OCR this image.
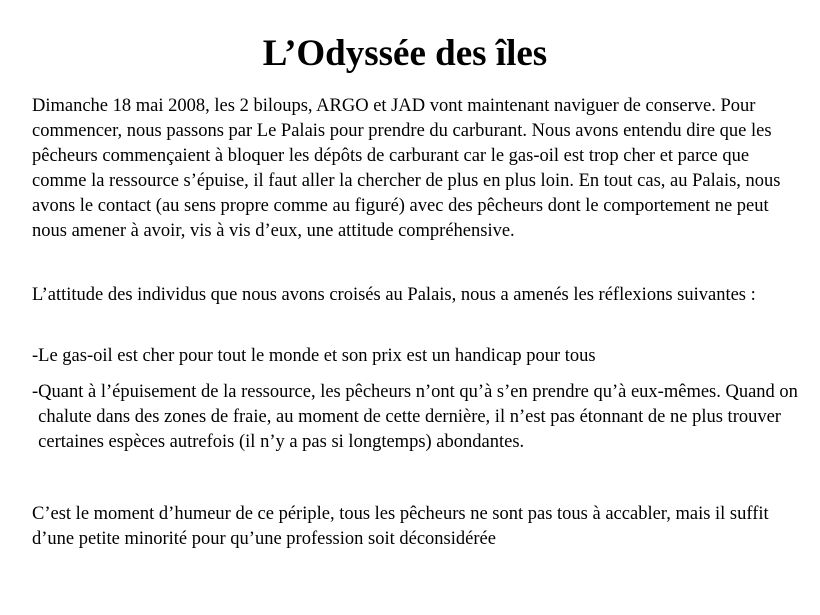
L’Odyssée des îles

Dimanche 18 mai 2008, les 2 biloups, ARGO et JAD vont maintenant naviguer de conserve. Pour commencer, nous passons par Le Palais pour prendre du carburant. Nous avons entendu dire que les pêcheurs commençaient à bloquer les dépôts de carburant car le gas-oil est trop cher et parce que comme la ressource s’épuise, il faut aller la chercher de plus en plus loin. En tout cas, au Palais, nous avons le contact (au sens propre comme au figuré) avec des pêcheurs dont le comportement ne peut nous amener à avoir, vis à vis d’eux, une attitude compréhensive.

L’attitude des individus que nous avons croisés au Palais, nous a amenés les réflexions suivantes :

- Le gas-oil est cher pour tout le monde et son prix est un handicap pour tous
- Quant à l’épuisement de la ressource, les pêcheurs n’ont qu’à s’en prendre qu’à eux-mêmes. Quand on chalute dans des zones de fraie, au moment de cette dernière, il n’est pas étonnant de ne plus trouver certaines espèces autrefois (il n’y a pas si longtemps) abondantes.

C’est le moment d’humeur de ce périple, tous les pêcheurs ne sont pas tous à accabler, mais il suffit d’une petite minorité pour qu’une profession soit déconsidérée
